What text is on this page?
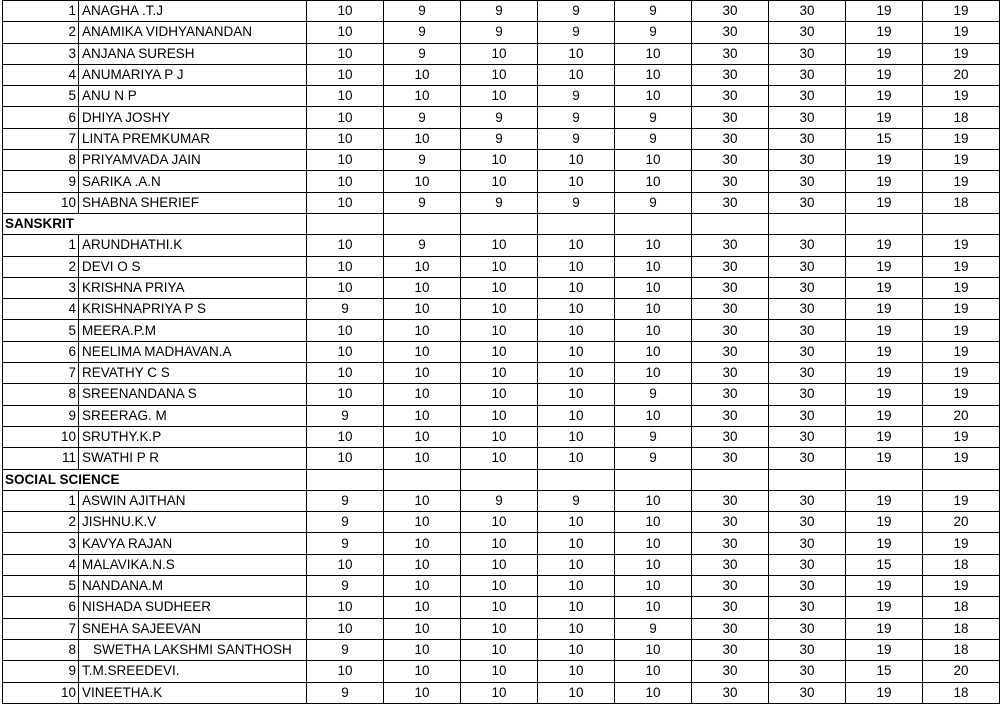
1	ANAGHA .T.J	10	9	9	9	9	30	30	19	19
2	ANAMIKA VIDHYANANDAN	10	9	9	9	9	30	30	19	19
3	ANJANA SURESH	10	9	10	10	10	30	30	19	19
4	ANUMARIYA P J	10	10	10	10	10	30	30	19	20
5	ANU N P	10	10	10	9	10	30	30	19	19
6	DHIYA JOSHY	10	9	9	9	9	30	30	19	18
7	LINTA PREMKUMAR	10	10	9	9	9	30	30	15	19
8	PRIYAMVADA JAIN	10	9	10	10	10	30	30	19	19
9	SARIKA .A.N	10	10	10	10	10	30	30	19	19
10	SHABNA SHERIEF	10	9	9	9	9	30	30	19	18
SANSKRIT										
1	ARUNDHATHI.K	10	9	10	10	10	30	30	19	19
2	DEVI O S	10	10	10	10	10	30	30	19	19
3	KRISHNA PRIYA	10	10	10	10	10	30	30	19	19
4	KRISHNAPRIYA P S	9	10	10	10	10	30	30	19	19
5	MEERA.P.M	10	10	10	10	10	30	30	19	19
6	NEELIMA MADHAVAN.A	10	10	10	10	10	30	30	19	19
7	REVATHY C S	10	10	10	10	10	30	30	19	19
8	SREENANDANA S	10	10	10	10	9	30	30	19	19
9	SREERAG. M	9	10	10	10	10	30	30	19	20
10	SRUTHY.K.P	10	10	10	10	9	30	30	19	19
11	SWATHI P R	10	10	10	10	9	30	30	19	19
SOCIAL SCIENCE										
1	ASWIN AJITHAN	9	10	9	9	10	30	30	19	19
2	JISHNU.K.V	9	10	10	10	10	30	30	19	20
3	KAVYA RAJAN	9	10	10	10	10	30	30	19	19
4	MALAVIKA.N.S	10	10	10	10	10	30	30	15	18
5	NANDANA.M	9	10	10	10	10	30	30	19	19
6	NISHADA SUDHEER	10	10	10	10	10	30	30	19	18
7	SNEHA SAJEEVAN	10	10	10	10	9	30	30	19	18
8	SWETHA LAKSHMI SANTHOSH	9	10	10	10	10	30	30	19	18
9	T.M.SREEDEVI.	10	10	10	10	10	30	30	15	20
10	VINEETHA.K	9	10	10	10	10	30	30	19	18
